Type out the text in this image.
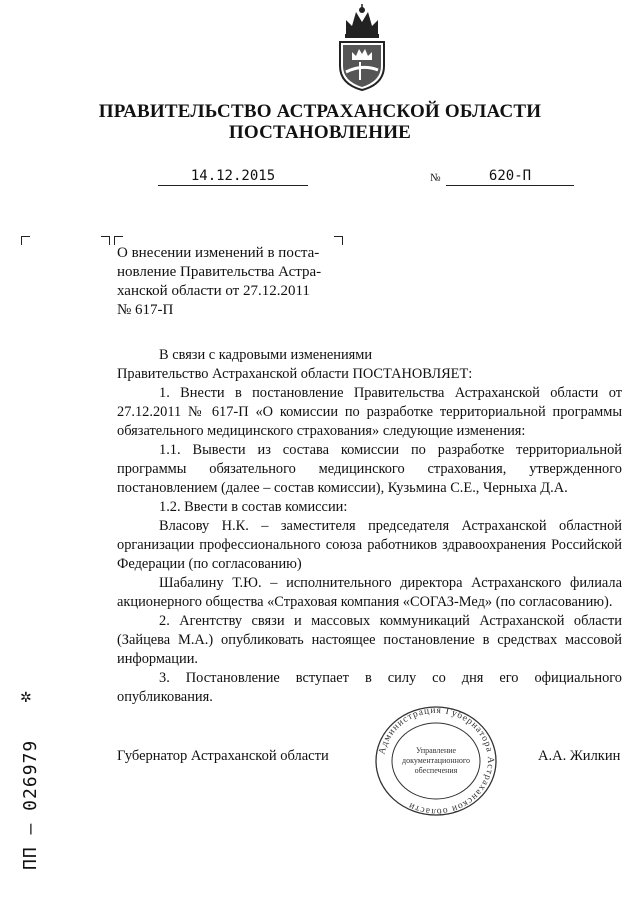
ПРАВИТЕЛЬСТВО АСТРАХАНСКОЙ ОБЛАСТИ
ПОСТАНОВЛЕНИЕ
14.12.2015	№	620-П
О внесении изменений в поста-
новление Правительства Астра-
ханской области от 27.12.2011
№ 617-П

В связи с кадровыми изменениями

Правительство Астраханской области ПОСТАНОВЛЯЕТ:

1. Внести в постановление Правительства Астраханской области от 27.12.2011 № 617-П «О комиссии по разработке территориальной программы обязательного медицинского страхования» следующие изменения:

1.1. Вывести из состава комиссии по разработке территориальной программы обязательного медицинского страхования, утвержденного постановлением (далее – состав комиссии), Кузьмина С.Е., Черныха Д.А.

1.2. Ввести в состав комиссии:

Власову Н.К. – заместителя председателя Астраханской областной организации профессионального союза работников здравоохранения Российской Федерации (по согласованию)

Шабалину Т.Ю. – исполнительного директора Астраханского филиала акционерного общества «Страховая компания «СОГАЗ-Мед» (по согласованию).

2. Агентству связи и массовых коммуникаций Астраханской области (Зайцева М.А.) опубликовать настоящее постановление в средствах массовой информации.

3. Постановление вступает в силу со дня его официального опубликования.

Губернатор Астраханской области	А.А. Жилкин
Администрация Губернатора Астраханской области
Управление
документационного
обеспечения
✲
ПП – 026979
